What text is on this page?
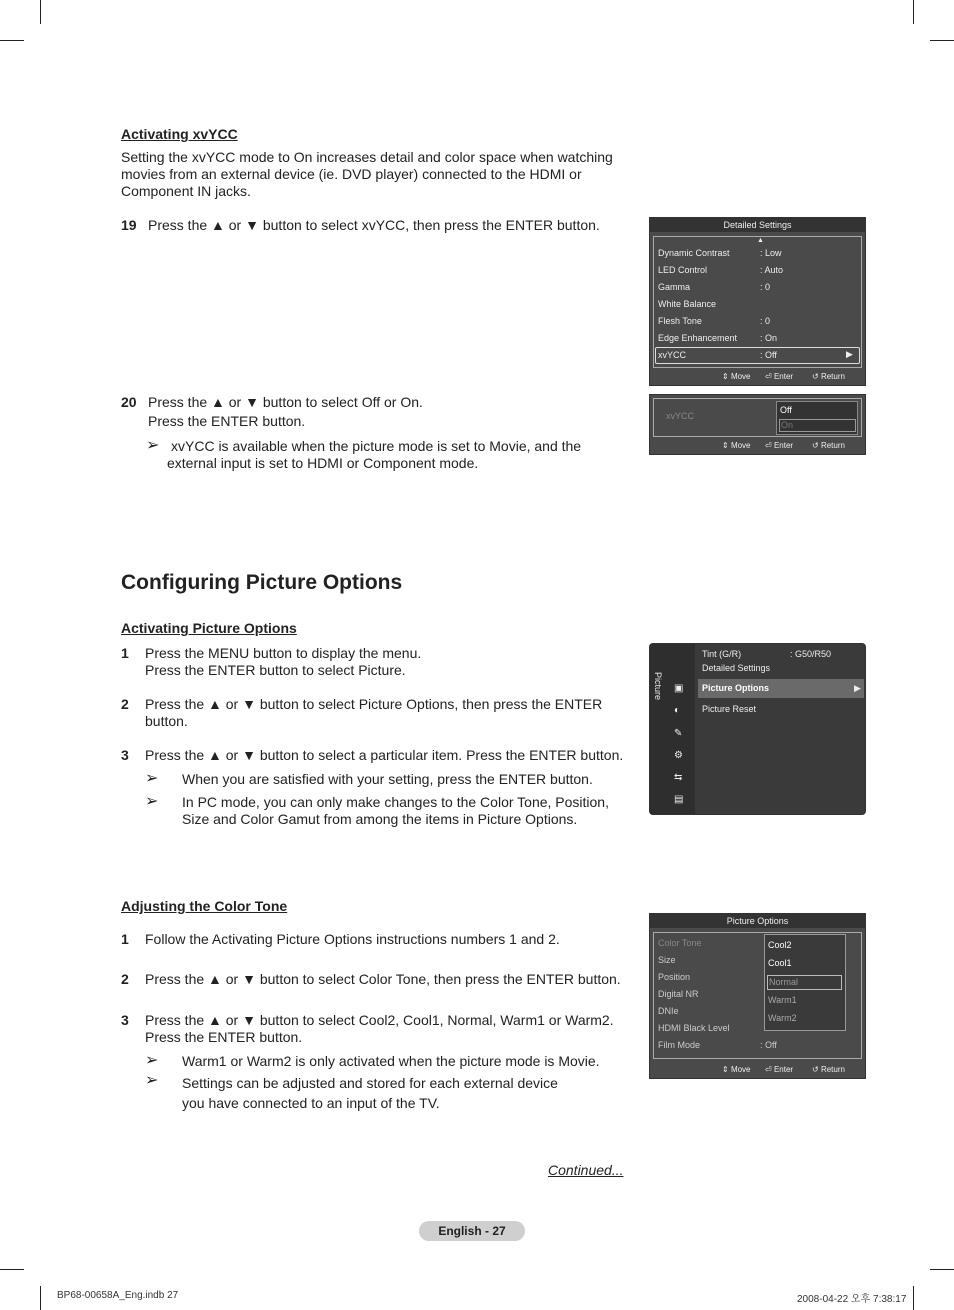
Activating xvYCC
Setting the xvYCC mode to On increases detail and color space when watching
movies from an external device (ie. DVD player) connected to the HDMI or
Component IN jacks.
19 Press the ▲ or ▼ button to select xvYCC, then press the ENTER button.
20 Press the ▲ or ▼ button to select Off or On.
Press the ENTER button.
➢ xvYCC is available when the picture mode is set to Movie, and the
external input is set to HDMI or Component mode.
Detailed Settings
▲
Dynamic Contrast	: Low
LED Control	: Auto
Gamma	: 0
White Balance
Flesh Tone	: 0
Edge Enhancement	: On
xvYCC	: Off	▶
⇕ Move ⏎ Enter ↺ Return
xvYCC
Off
On
⇕ Move ⏎ Enter ↺ Return
Configuring Picture Options
Activating Picture Options
1 Press the MENU button to display the menu.
Press the ENTER button to select Picture.
2 Press the ▲ or ▼ button to select Picture Options, then press the ENTER
button.
3 Press the ▲ or ▼ button to select a particular item. Press the ENTER button.
➢ When you are satisfied with your setting, press the ENTER button.
➢ In PC mode, you can only make changes to the Color Tone, Position,
Size and Color Gamut from among the items in Picture Options.
Picture ▣
◐
✎
⚙
⇆
▤
▶
Tint (G/R)	: G50/R50
Detailed Settings
Picture Options
Picture Reset
Adjusting the Color Tone
1 Follow the Activating Picture Options instructions numbers 1 and 2.
2 Press the ▲ or ▼ button to select Color Tone, then press the ENTER button.
3 Press the ▲ or ▼ button to select Cool2, Cool1, Normal, Warm1 or Warm2.
Press the ENTER button.
➢ Warm1 or Warm2 is only activated when the picture mode is Movie.
➢ Settings can be adjusted and stored for each external device
you have connected to an input of the TV.
Picture Options
Color Tone
Size
Position
Digital NR
DNIe
HDMI Black Level
Film Mode	: Off
Cool2
Cool1
Normal
Warm1
Warm2
⇕ Move ⏎ Enter ↺ Return
Continued...
English - 27
BP68-00658A_Eng.indb 27	2008-04-22 오후 7:38:17
